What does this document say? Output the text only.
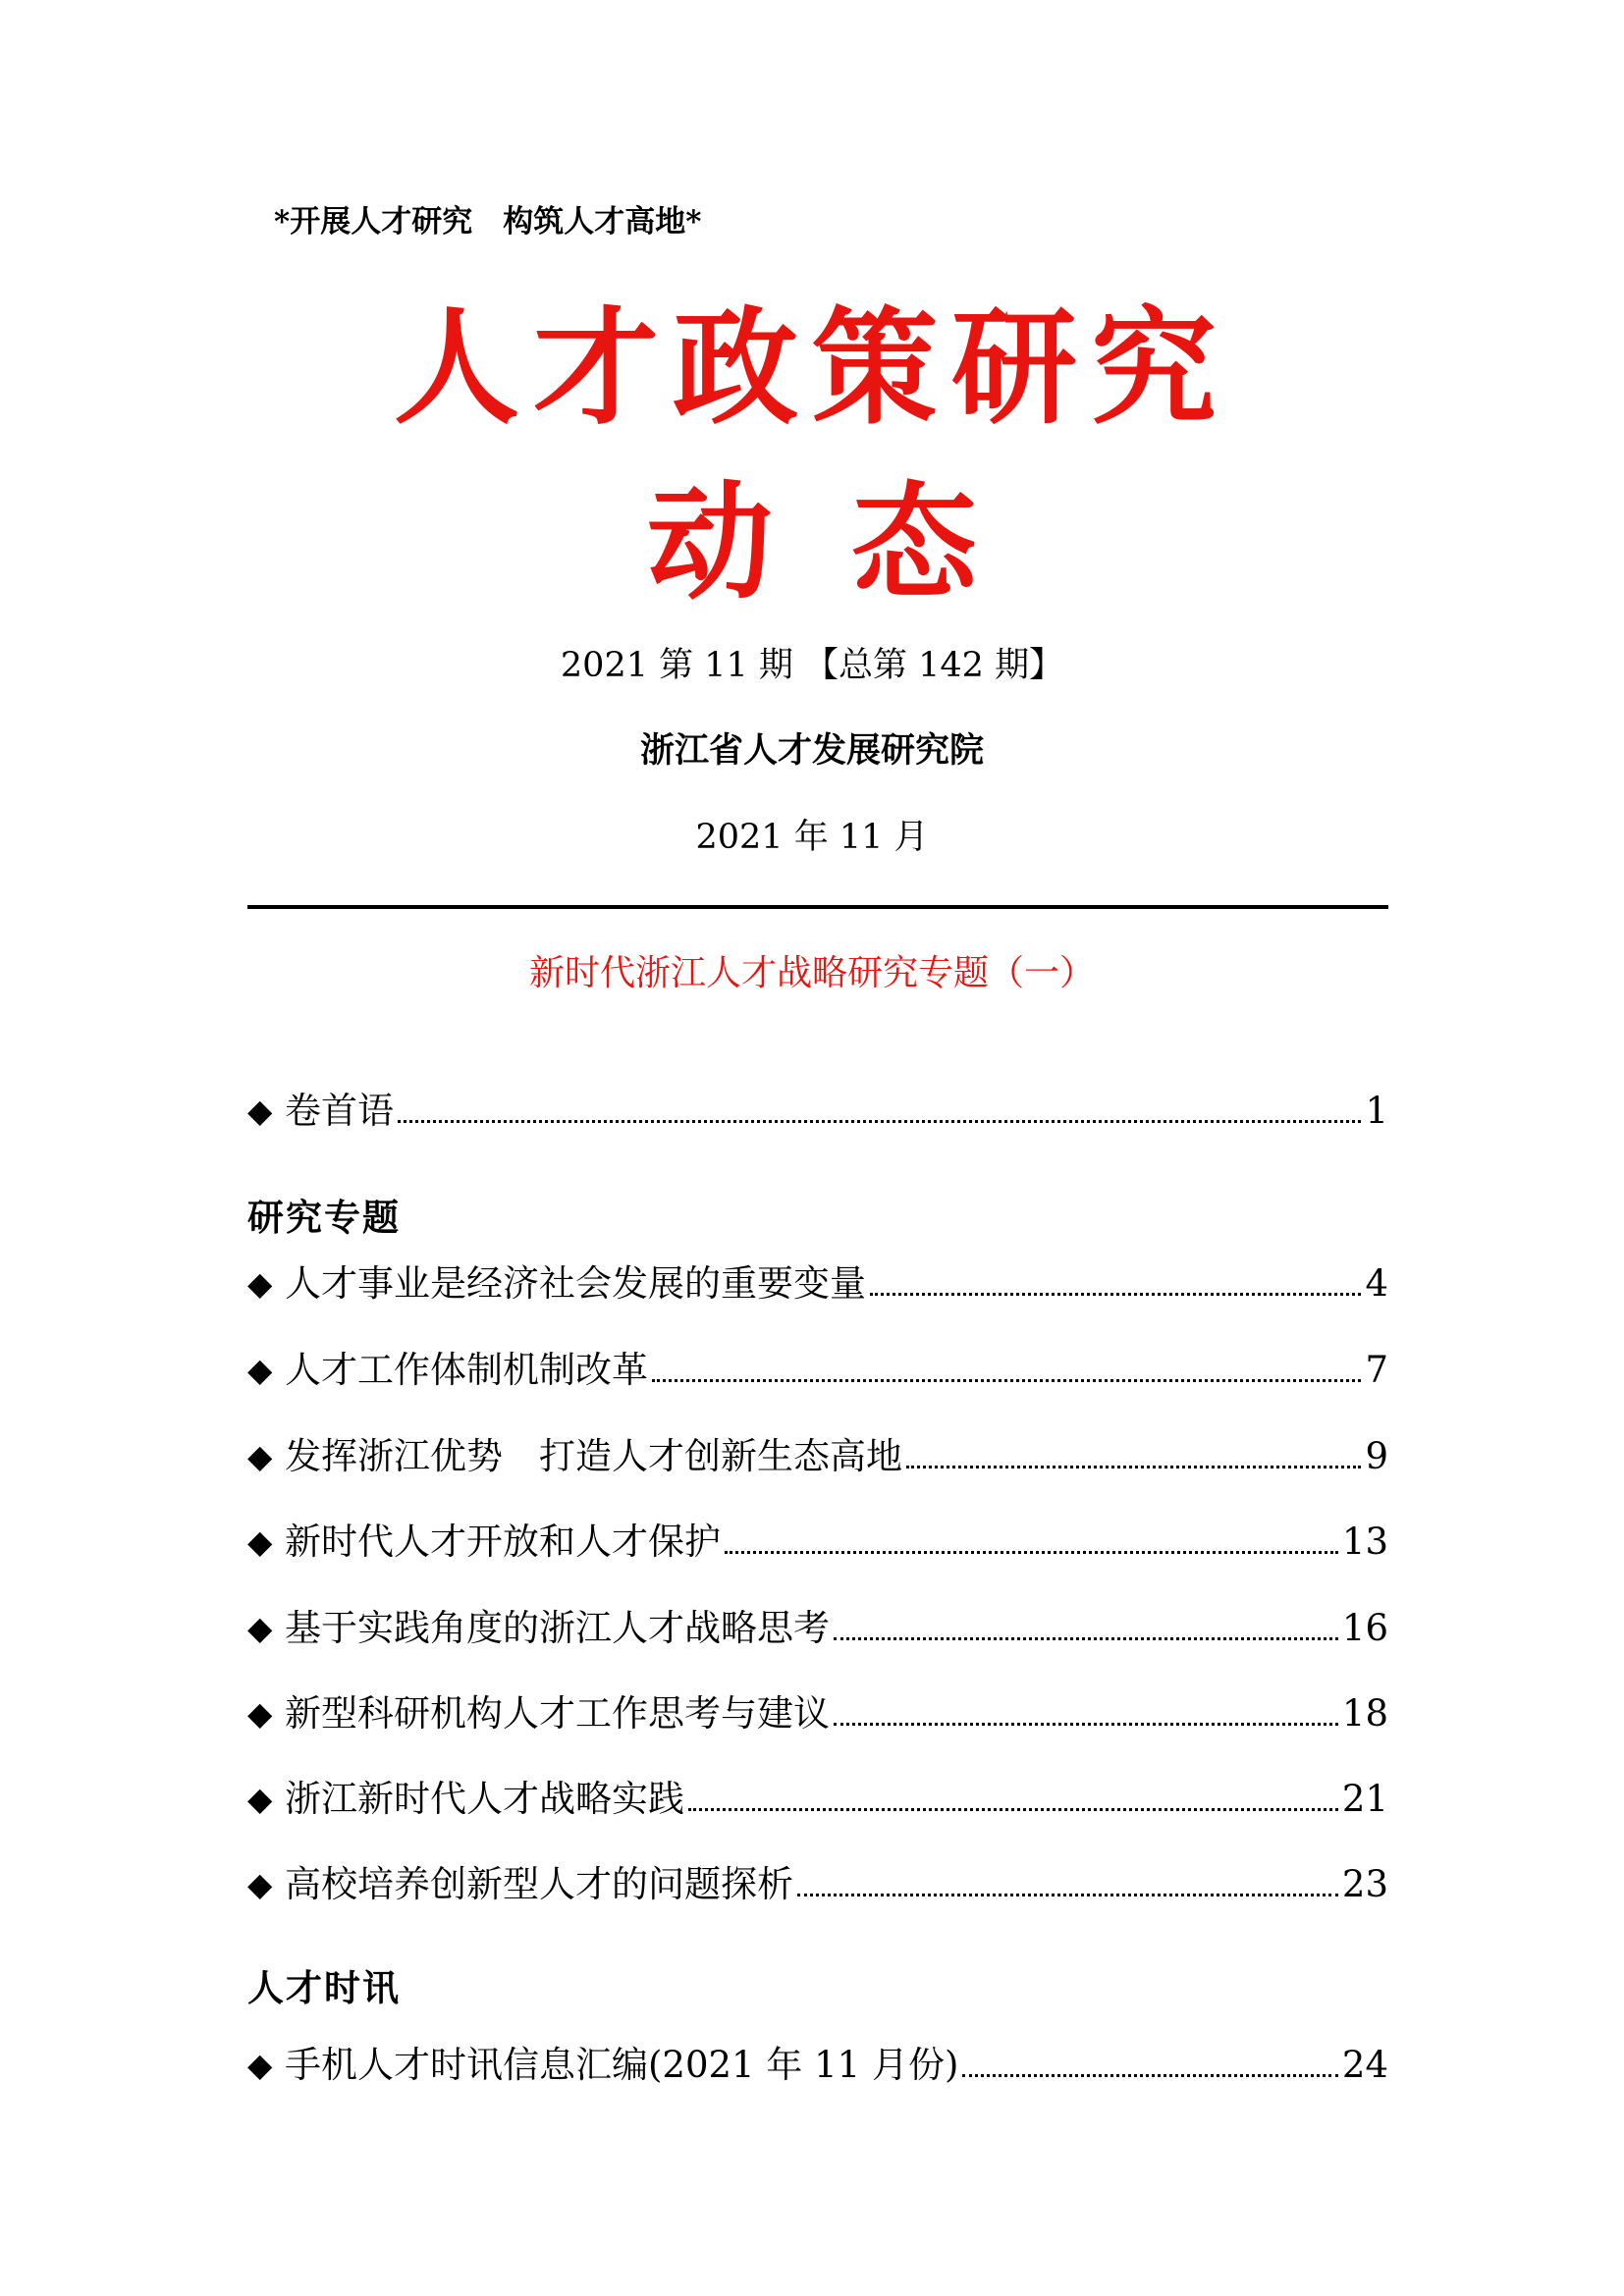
*开展人才研究　构筑人才高地*
人才政策研究
动态
2021 第 11 期 【总第 142 期】
浙江省人才发展研究院
2021 年 11 月
新时代浙江人才战略研究专题（一）
◆ 卷首语	1
研究专题
◆ 人才事业是经济社会发展的重要变量	4
◆ 人才工作体制机制改革	7
◆ 发挥浙江优势　打造人才创新生态高地	9
◆ 新时代人才开放和人才保护	13
◆ 基于实践角度的浙江人才战略思考	16
◆ 新型科研机构人才工作思考与建议	18
◆ 浙江新时代人才战略实践	21
◆ 高校培养创新型人才的问题探析	23
人才时讯
◆ 手机人才时讯信息汇编(2021 年 11 月份)	24
